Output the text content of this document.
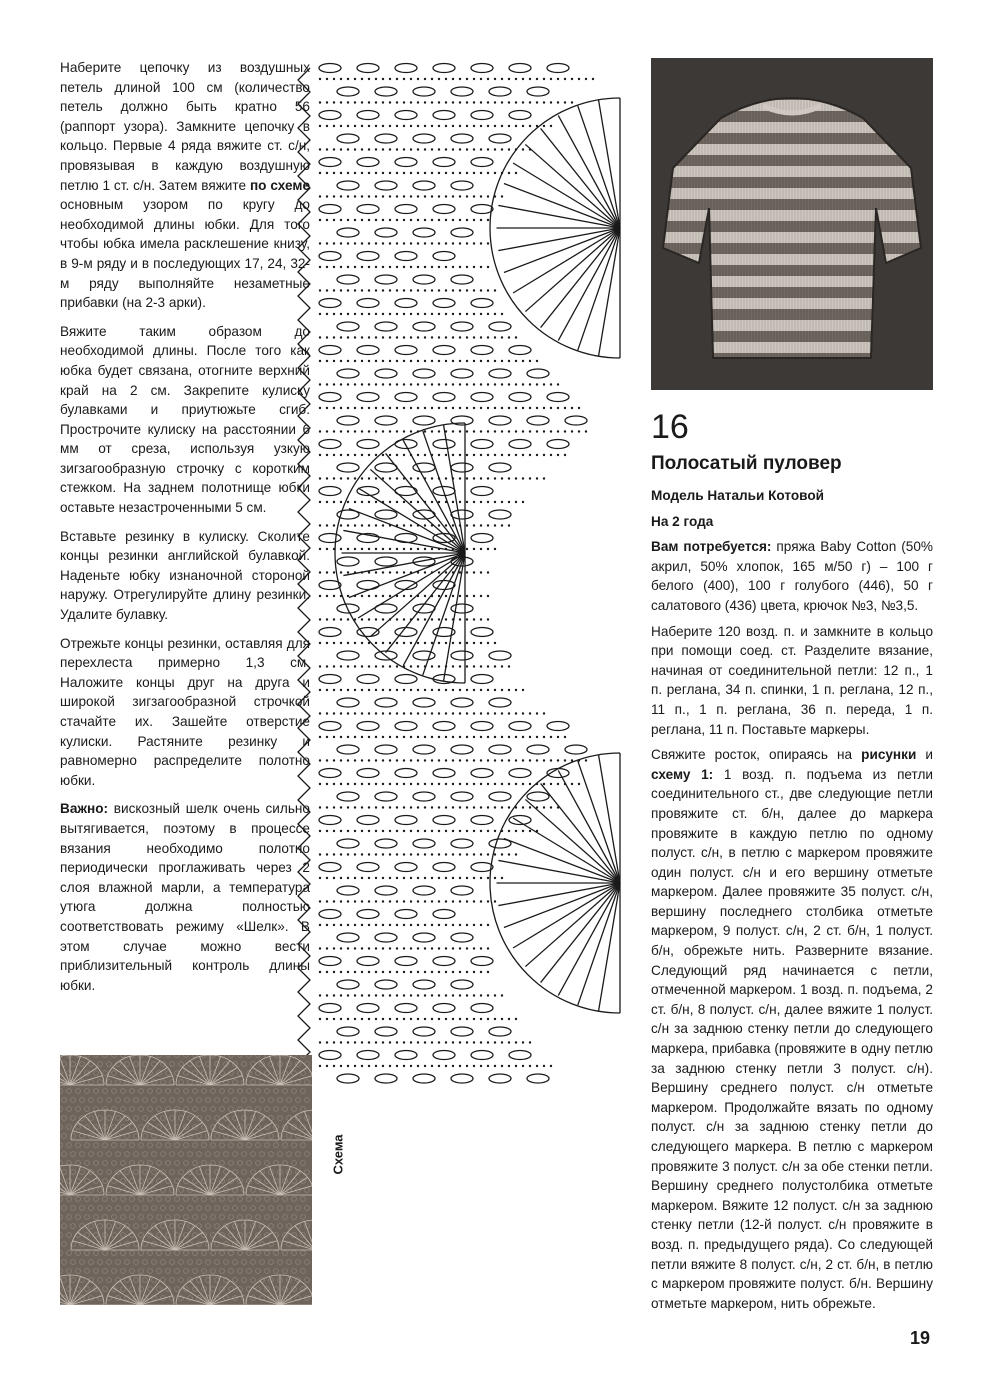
Наберите цепочку из воздушных петель длиной 100 см (количество петель должно быть кратно 56 (раппорт узора). Замкните цепочку в кольцо. Первые 4 ряда вяжите ст. с/н, провязывая в каждую воздушную петлю 1 ст. с/н. Затем вяжите по схеме основным узором по кругу до необходимой длины юбки. Для того чтобы юбка имела расклешение книзу, в 9-м ряду и в последующих 17, 24, 32-м ряду выполняйте незаметные прибавки (на 2-3 арки).

Вяжите таким образом до необходимой длины. После того как юбка будет связана, отогните верхний край на 2 см. Закрепите кулиску булавками и приутюжьте сгиб. Прострочите кулиску на расстоянии 6 мм от среза, используя узкую зигзагообразную строчку с коротким стежком. На заднем полотнище юбки оставьте незастроченными 5 см.

Вставьте резинку в кулиску. Сколите концы резинки английской булавкой. Наденьте юбку изнаночной стороной наружу. Отрегулируйте длину резинки. Удалите булавку.

Отрежьте концы резинки, оставляя для перехлеста примерно 1,3 см. Наложите концы друг на друга и широкой зигзагообразной строчкой стачайте их. Зашейте отверстие кулиски. Растяните резинку и равномерно распределите полотно юбки.

Важно: вискозный шелк очень сильно вытягивается, поэтому в процессе вязания необходимо полотно периодически проглаживать через 2 слоя влажной марли, а температура утюга должна полностью соответствовать режиму «Шелк». В этом случае можно вести приблизительный контроль длины юбки.

Схема
16
Полосатый пуловер
Модель Натальи Котовой
На 2 года

Вам потребуется: пряжа Baby Cotton (50% акрил, 50% хлопок, 165 м/50 г) – 100 г белого (400), 100 г голубого (446), 50 г салатового (436) цвета, крючок №3, №3,5.

Наберите 120 возд. п. и замкните в кольцо при помощи соед. ст. Разделите вязание, начиная от соединительной петли: 12 п., 1 п. реглана, 34 п. спинки, 1 п. реглана, 12 п., 11 п., 1 п. реглана, 36 п. переда, 1 п. реглана, 11 п. Поставьте маркеры.

Свяжите росток, опираясь на рисунки и схему 1: 1 возд. п. подъема из петли соединительного ст., две следующие петли провяжите ст. б/н, далее до маркера провяжите в каждую петлю по одному полуст. с/н, в петлю с маркером провяжите один полуст. с/н и его вершину отметьте маркером. Далее провяжите 35 полуст. с/н, вершину последнего столбика отметьте маркером, 9 полуст. с/н, 2 ст. б/н, 1 полуст. б/н, обрежьте нить. Разверните вязание. Следующий ряд начинается с петли, отмеченной маркером. 1 возд. п. подъема, 2 ст. б/н, 8 полуст. с/н, далее вяжите 1 полуст. с/н за заднюю стенку петли до следующего маркера, прибавка (провяжите в одну петлю за заднюю стенку петли 3 полуст. с/н). Вершину среднего полуст. с/н отметьте маркером. Продолжайте вязать по одному полуст. с/н за заднюю стенку петли до следующего маркера. В петлю с маркером провяжите 3 полуст. с/н за обе стенки петли. Вершину среднего полустолбика отметьте маркером. Вяжите 12 полуст. с/н за заднюю стенку петли (12-й полуст. с/н провяжите в возд. п. предыдущего ряда). Со следующей петли вяжите 8 полуст. с/н, 2 ст. б/н, в петлю с маркером провяжите полуст. б/н. Вершину отметьте маркером, нить обрежьте.

19
